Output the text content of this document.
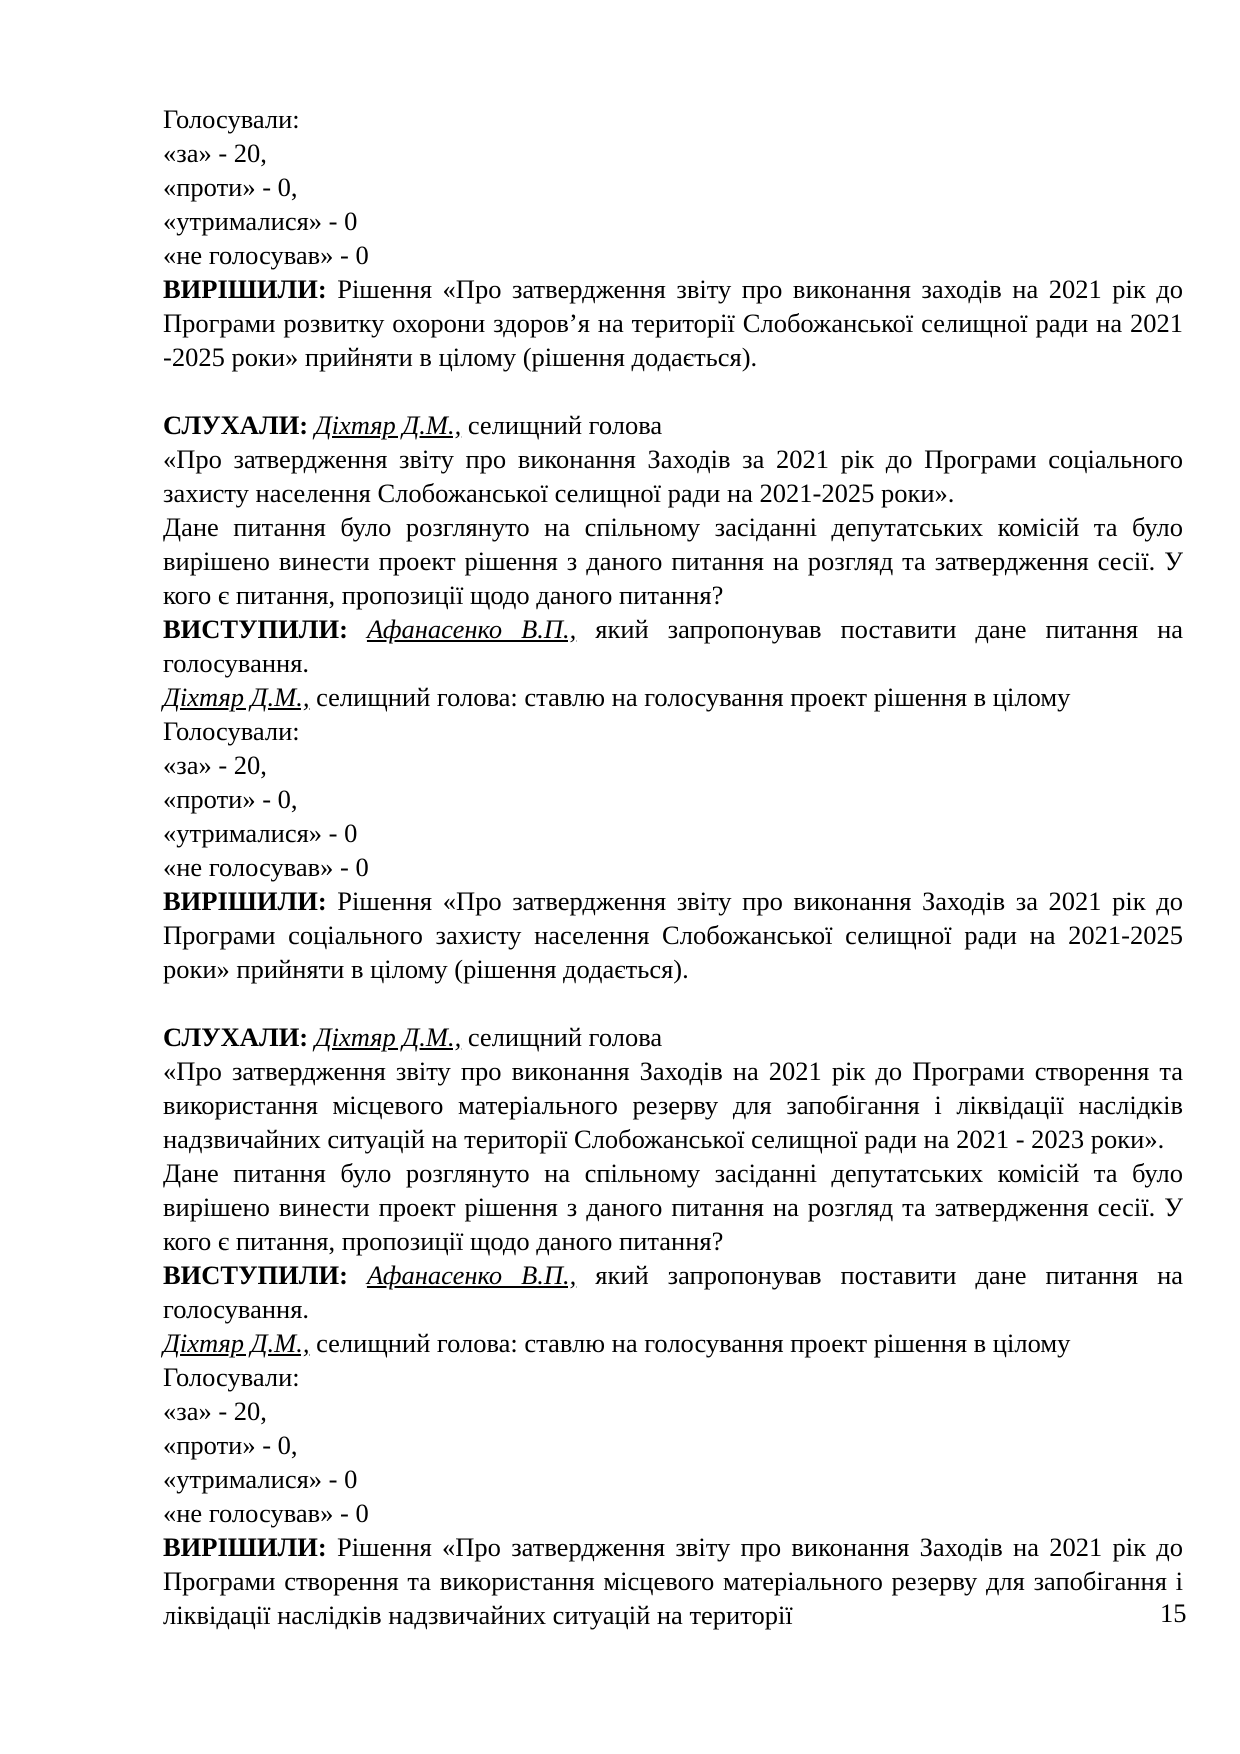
Голосували:
«за» - 20,
«проти» - 0,
«утрималися» - 0
«не голосував» - 0
ВИРІШИЛИ: Рішення «Про затвердження звіту про виконання заходів на 2021 рік до Програми розвитку охорони здоров’я на території Слобожанської селищної ради на 2021 -2025 роки» прийняти в цілому (рішення додається).
СЛУХАЛИ: Діхтяр Д.М., селищний голова
«Про затвердження звіту про виконання Заходів за 2021 рік до Програми соціального захисту населення Слобожанської селищної ради на 2021-2025 роки».
Дане питання було розглянуто на спільному засіданні депутатських комісій та було вирішено винести проект рішення з даного питання на розгляд та затвердження сесії. У кого є питання, пропозиції щодо даного питання?
ВИСТУПИЛИ: Афанасенко В.П., який запропонував поставити дане питання на голосування.
Діхтяр Д.М., селищний голова: ставлю на голосування проект рішення в цілому
Голосували:
«за» - 20,
«проти» - 0,
«утрималися» - 0
«не голосував» - 0
ВИРІШИЛИ: Рішення «Про затвердження звіту про виконання Заходів за 2021 рік до Програми соціального захисту населення Слобожанської селищної ради на 2021-2025 роки» прийняти в цілому (рішення додається).
СЛУХАЛИ: Діхтяр Д.М., селищний голова
«Про затвердження звіту про виконання Заходів на 2021 рік до Програми створення та використання місцевого матеріального резерву для запобігання і ліквідації наслідків надзвичайних ситуацій на території Слобожанської селищної ради на 2021 - 2023 роки».
Дане питання було розглянуто на спільному засіданні депутатських комісій та було вирішено винести проект рішення з даного питання на розгляд та затвердження сесії. У кого є питання, пропозиції щодо даного питання?
ВИСТУПИЛИ: Афанасенко В.П., який запропонував поставити дане питання на голосування.
Діхтяр Д.М., селищний голова: ставлю на голосування проект рішення в цілому
Голосували:
«за» - 20,
«проти» - 0,
«утрималися» - 0
«не голосував» - 0
ВИРІШИЛИ: Рішення «Про затвердження звіту про виконання Заходів на 2021 рік до Програми створення та використання місцевого матеріального резерву для запобігання і ліквідації наслідків надзвичайних ситуацій на території	15
